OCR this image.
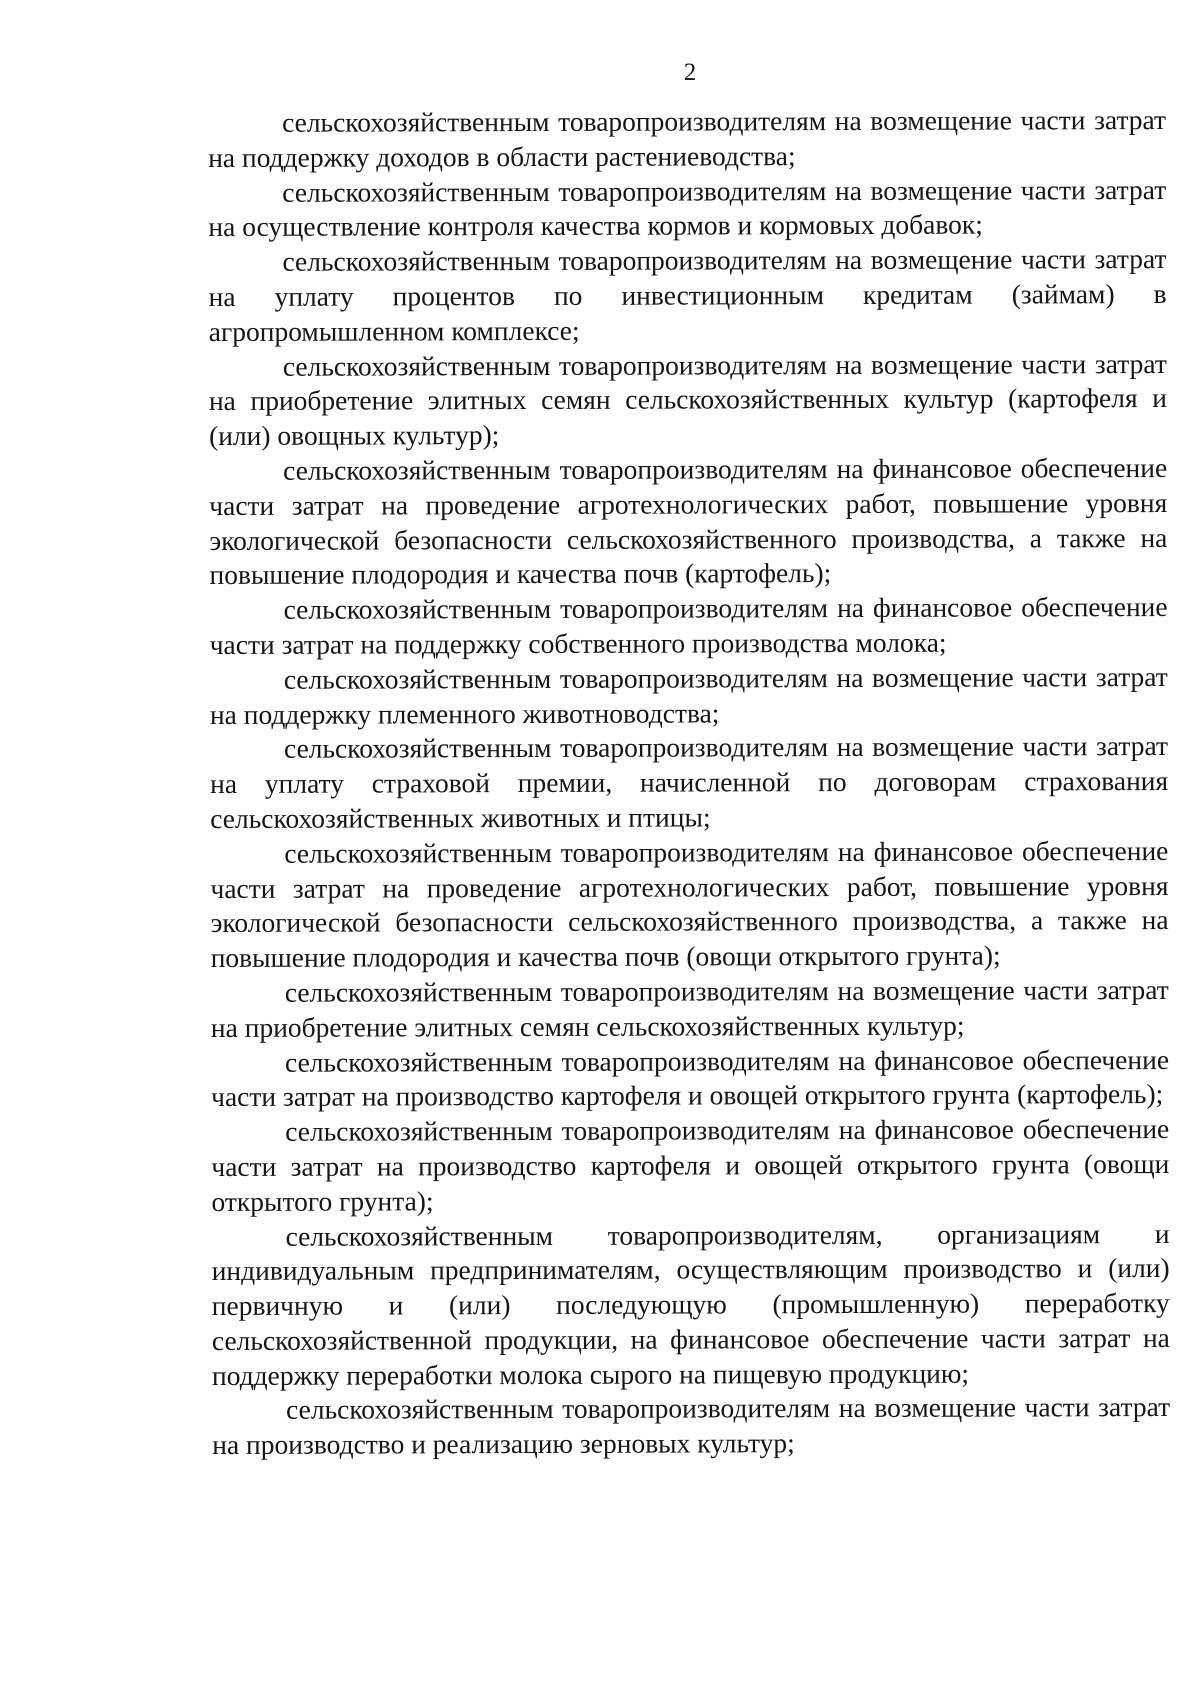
2

сельскохозяйственным товаропроизводителям на возмещение части затрат на поддержку доходов в области растениеводства;

сельскохозяйственным товаропроизводителям на возмещение части затрат на осуществление контроля качества кормов и кормовых добавок;

сельскохозяйственным товаропроизводителям на возмещение части затрат на уплату процентов по инвестиционным кредитам (займам) в агропромышленном комплексе;

сельскохозяйственным товаропроизводителям на возмещение части затрат на приобретение элитных семян сельскохозяйственных культур (картофеля и (или) овощных культур);

сельскохозяйственным товаропроизводителям на финансовое обеспечение части затрат на проведение агротехнологических работ, повышение уровня экологической безопасности сельскохозяйственного производства, а также на повышение плодородия и качества почв (картофель);

сельскохозяйственным товаропроизводителям на финансовое обеспечение части затрат на поддержку собственного производства молока;

сельскохозяйственным товаропроизводителям на возмещение части затрат на поддержку племенного животноводства;

сельскохозяйственным товаропроизводителям на возмещение части затрат на уплату страховой премии, начисленной по договорам страхования сельскохозяйственных животных и птицы;

сельскохозяйственным товаропроизводителям на финансовое обеспечение части затрат на проведение агротехнологических работ, повышение уровня экологической безопасности сельскохозяйственного производства, а также на повышение плодородия и качества почв (овощи открытого грунта);

сельскохозяйственным товаропроизводителям на возмещение части затрат на приобретение элитных семян сельскохозяйственных культур;

сельскохозяйственным товаропроизводителям на финансовое обеспечение части затрат на производство картофеля и овощей открытого грунта (картофель);

сельскохозяйственным товаропроизводителям на финансовое обеспечение части затрат на производство картофеля и овощей открытого грунта (овощи открытого грунта);

сельскохозяйственным товаропроизводителям, организациям и индивидуальным предпринимателям, осуществляющим производство и (или) первичную и (или) последующую (промышленную) переработку сельскохозяйственной продукции, на финансовое обеспечение части затрат на поддержку переработки молока сырого на пищевую продукцию;

сельскохозяйственным товаропроизводителям на возмещение части затрат на производство и реализацию зерновых культур;
